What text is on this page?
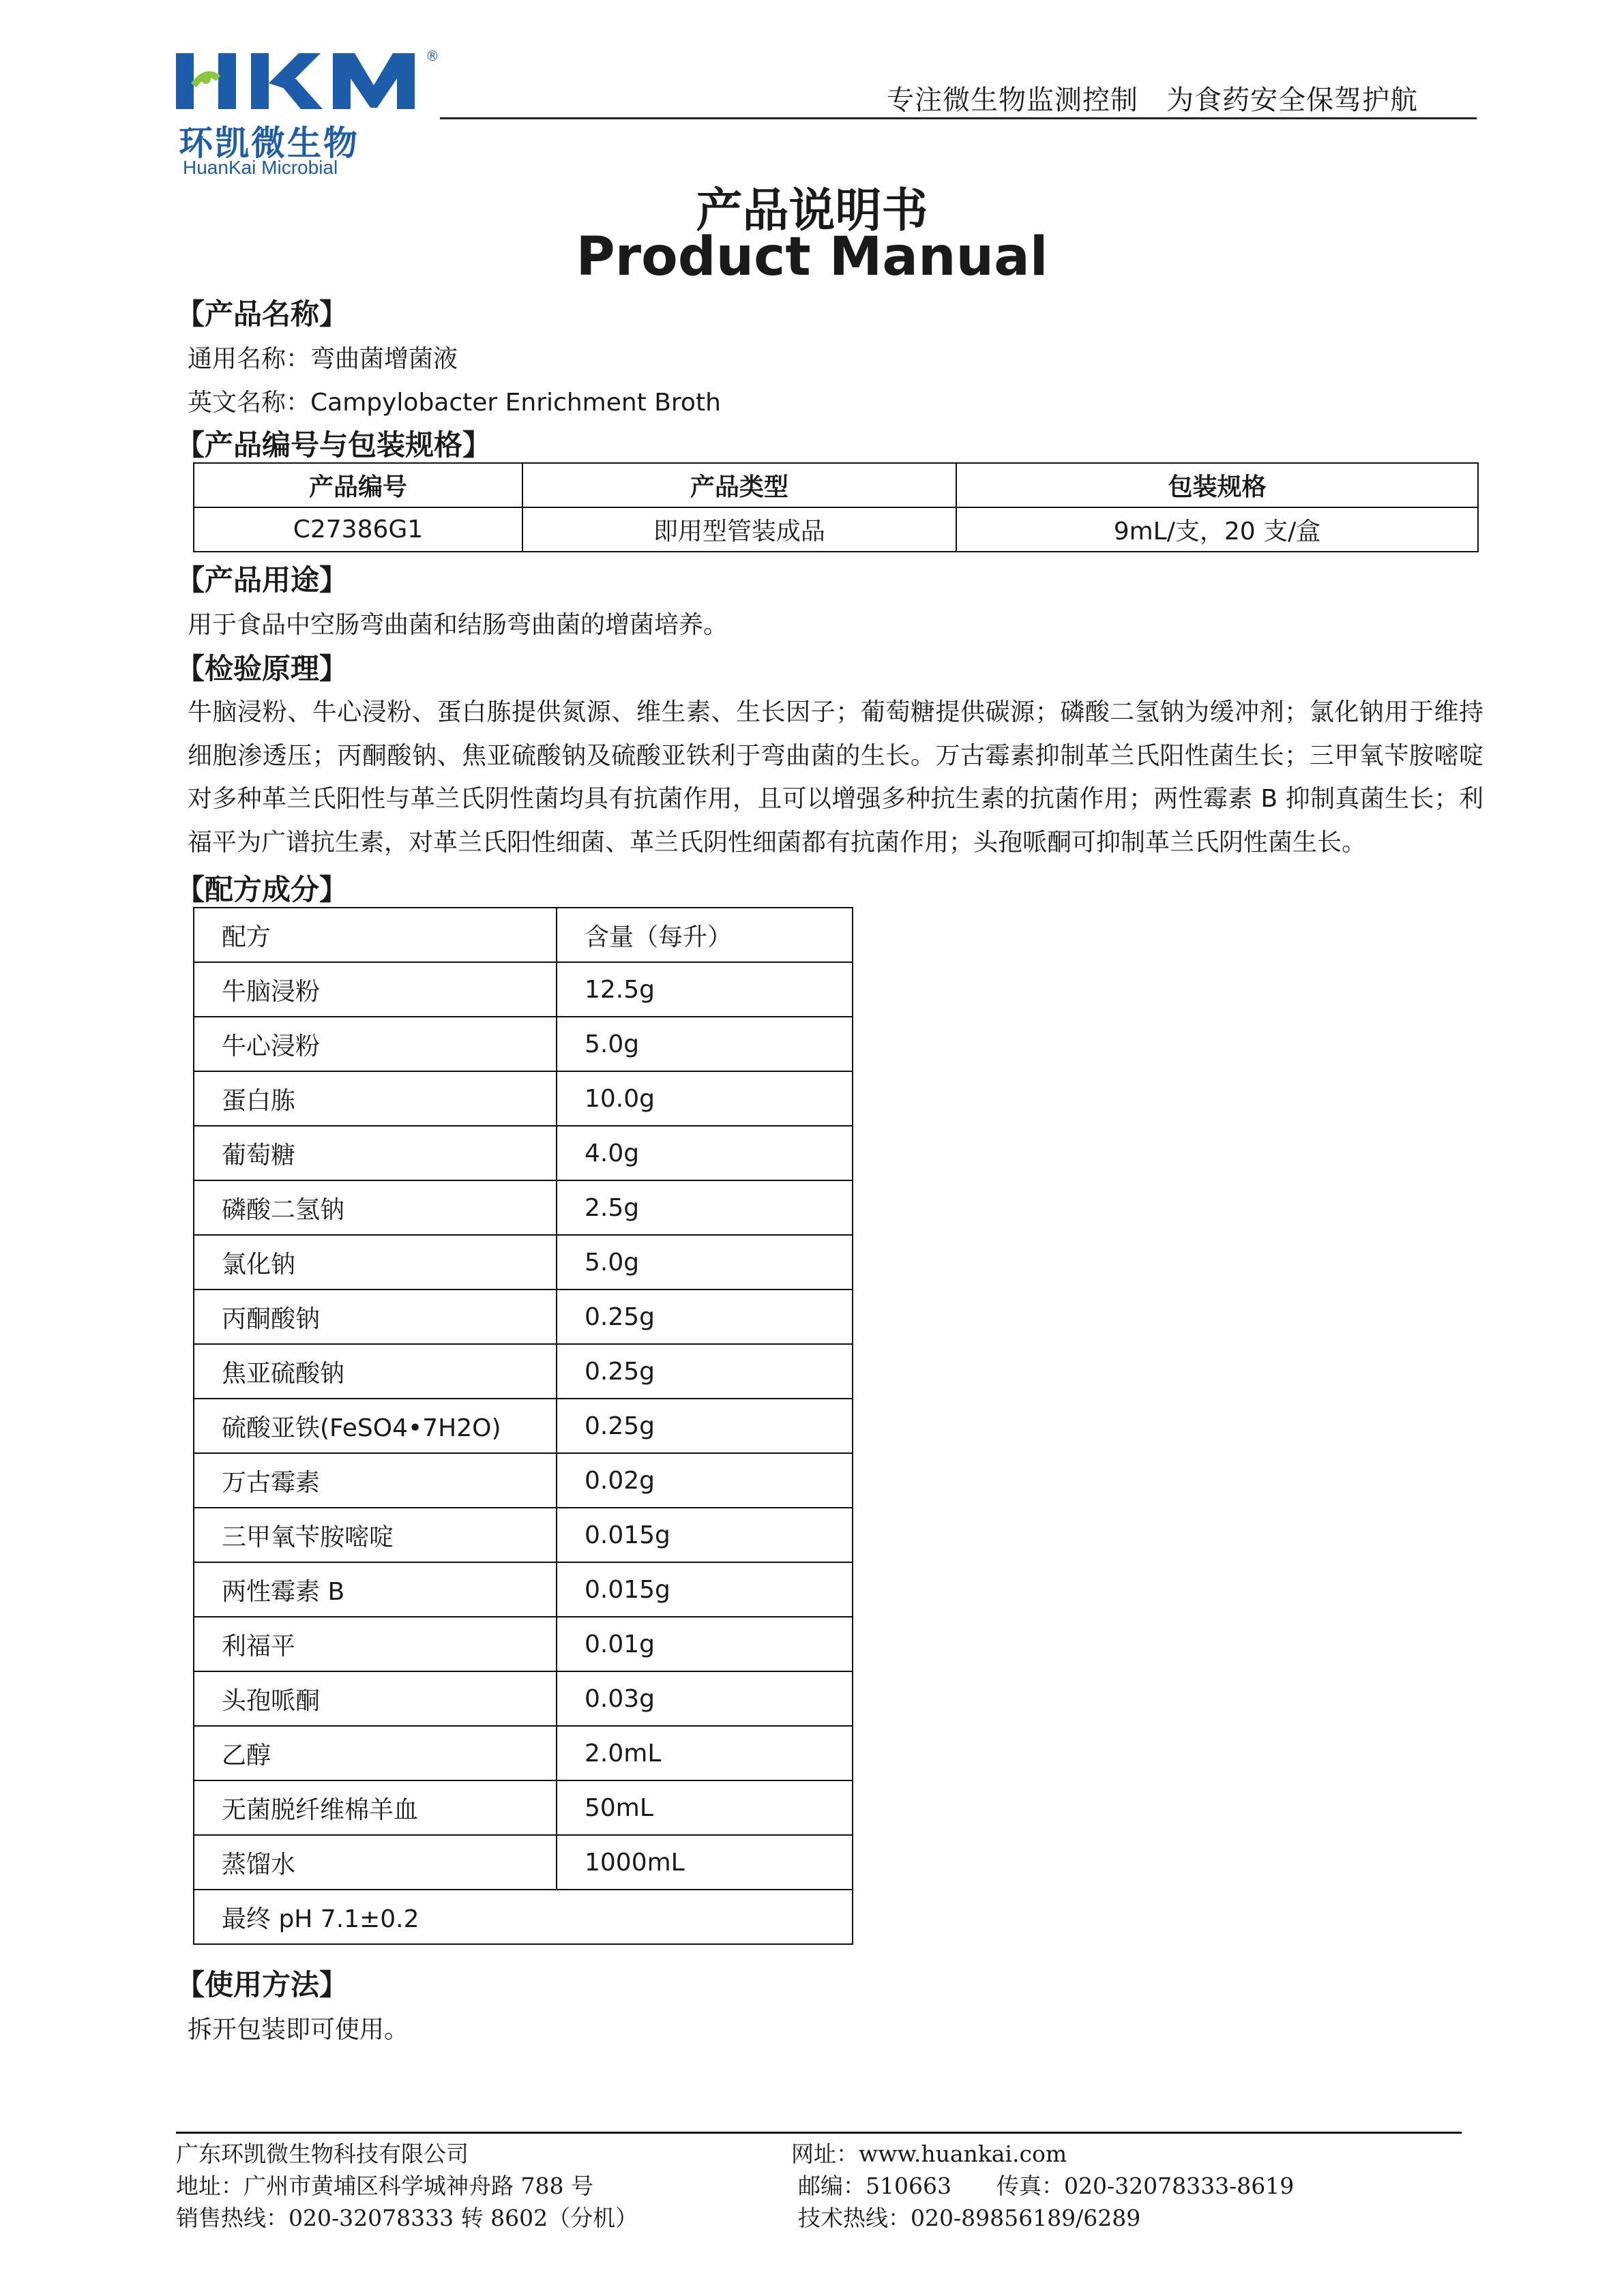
®
环凯微生物
HuanKai Microbial
专注微生物监测控制　为食药安全保驾护航
产品说明书
Product Manual
【产品名称】
通用名称：弯曲菌增菌液
英文名称：Campylobacter Enrichment Broth
【产品编号与包装规格】
产品编号	产品类型	包装规格
C27386G1	即用型管装成品	9mL/支，20 支/盒
【产品用途】
用于食品中空肠弯曲菌和结肠弯曲菌的增菌培养。
【检验原理】
牛脑浸粉、牛心浸粉、蛋白胨提供氮源、维生素、生长因子；葡萄糖提供碳源；磷酸二氢钠为缓冲剂；氯化钠用于维持细胞渗透压；丙酮酸钠、焦亚硫酸钠及硫酸亚铁利于弯曲菌的生长。万古霉素抑制革兰氏阳性菌生长；三甲氧苄胺嘧啶对多种革兰氏阳性与革兰氏阴性菌均具有抗菌作用，且可以增强多种抗生素的抗菌作用；两性霉素 B 抑制真菌生长；利福平为广谱抗生素，对革兰氏阳性细菌、革兰氏阴性细菌都有抗菌作用；头孢哌酮可抑制革兰氏阴性菌生长。
【配方成分】
配方	含量（每升）
牛脑浸粉	12.5g
牛心浸粉	5.0g
蛋白胨	10.0g
葡萄糖	4.0g
磷酸二氢钠	2.5g
氯化钠	5.0g
丙酮酸钠	0.25g
焦亚硫酸钠	0.25g
硫酸亚铁(FeSO4•7H2O)	0.25g
万古霉素	0.02g
三甲氧苄胺嘧啶	0.015g
两性霉素 B	0.015g
利福平	0.01g
头孢哌酮	0.03g
乙醇	2.0mL
无菌脱纤维棉羊血	50mL
蒸馏水	1000mL
最终 pH 7.1±0.2	
【使用方法】
拆开包装即可使用。
广东环凯微生物科技有限公司	网址：www.huankai.com
地址：广州市黄埔区科学城神舟路 788 号	邮编：510663　　传真：020-32078333-8619
销售热线：020-32078333 转 8602（分机）	技术热线：020-89856189/6289
